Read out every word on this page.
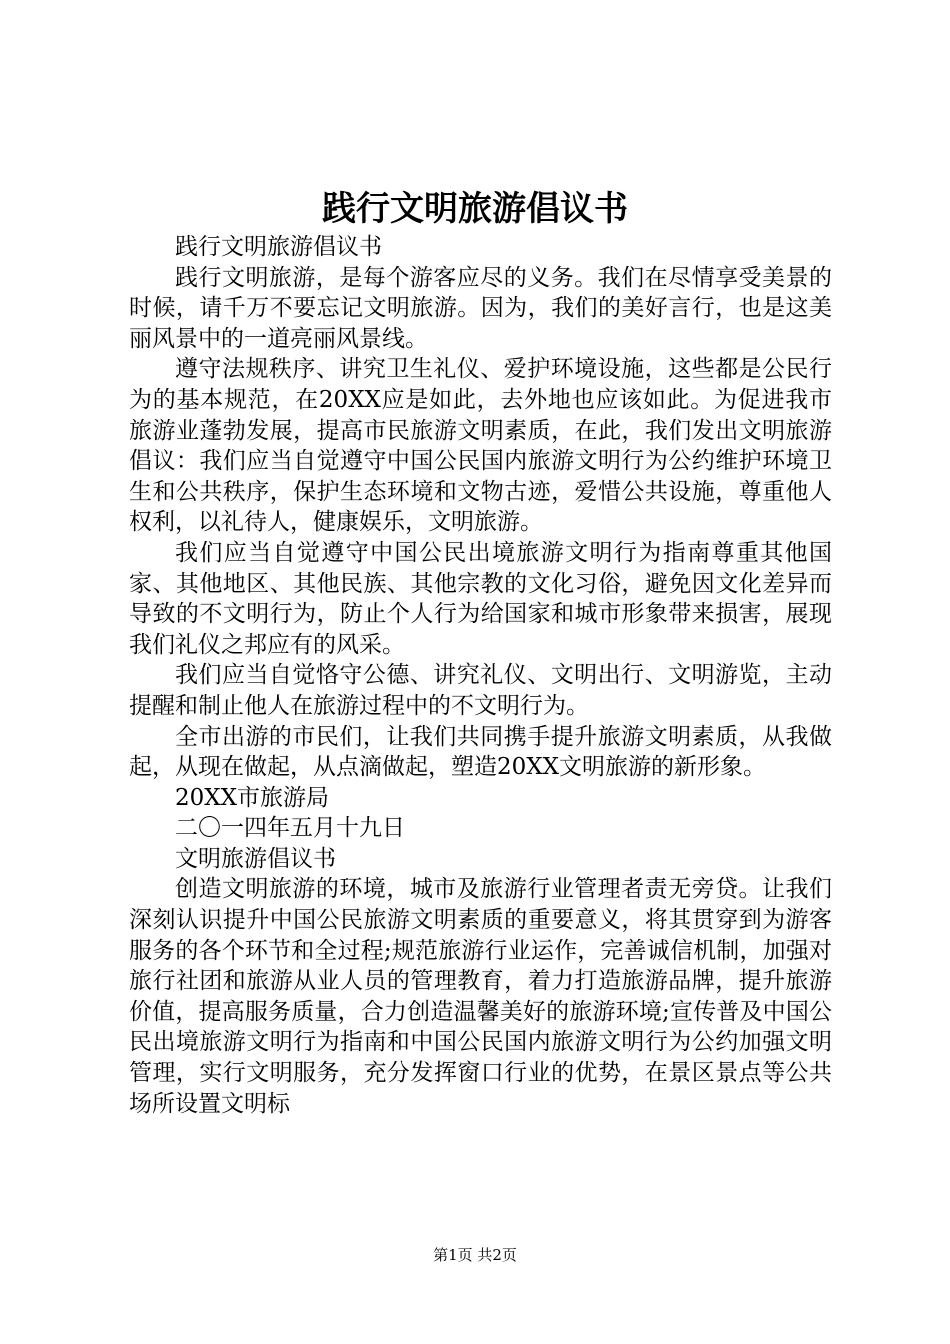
践行文明旅游倡议书

践行文明旅游倡议书

践行文明旅游，是每个游客应尽的义务。我们在尽情享受美景的时候，请千万不要忘记文明旅游。因为，我们的美好言行，也是这美丽风景中的一道亮丽风景线。

遵守法规秩序、讲究卫生礼仪、爱护环境设施，这些都是公民行为的基本规范，在20XX应是如此，去外地也应该如此。为促进我市旅游业蓬勃发展，提高市民旅游文明素质，在此，我们发出文明旅游倡议：我们应当自觉遵守中国公民国内旅游文明行为公约维护环境卫生和公共秩序，保护生态环境和文物古迹，爱惜公共设施，尊重他人权利，以礼待人，健康娱乐，文明旅游。

我们应当自觉遵守中国公民出境旅游文明行为指南尊重其他国家、其他地区、其他民族、其他宗教的文化习俗，避免因文化差异而导致的不文明行为，防止个人行为给国家和城市形象带来损害，展现我们礼仪之邦应有的风采。

我们应当自觉恪守公德、讲究礼仪、文明出行、文明游览，主动提醒和制止他人在旅游过程中的不文明行为。

全市出游的市民们，让我们共同携手提升旅游文明素质，从我做起，从现在做起，从点滴做起，塑造20XX文明旅游的新形象。

20XX市旅游局

二〇一四年五月十九日

文明旅游倡议书

创造文明旅游的环境，城市及旅游行业管理者责无旁贷。让我们深刻认识提升中国公民旅游文明素质的重要意义，将其贯穿到为游客服务的各个环节和全过程;规范旅游行业运作，完善诚信机制，加强对旅行社团和旅游从业人员的管理教育，着力打造旅游品牌，提升旅游价值，提高服务质量，合力创造温馨美好的旅游环境;宣传普及中国公民出境旅游文明行为指南和中国公民国内旅游文明行为公约加强文明管理，实行文明服务，充分发挥窗口行业的优势，在景区景点等公共场所设置文明标

第1页 共2页
